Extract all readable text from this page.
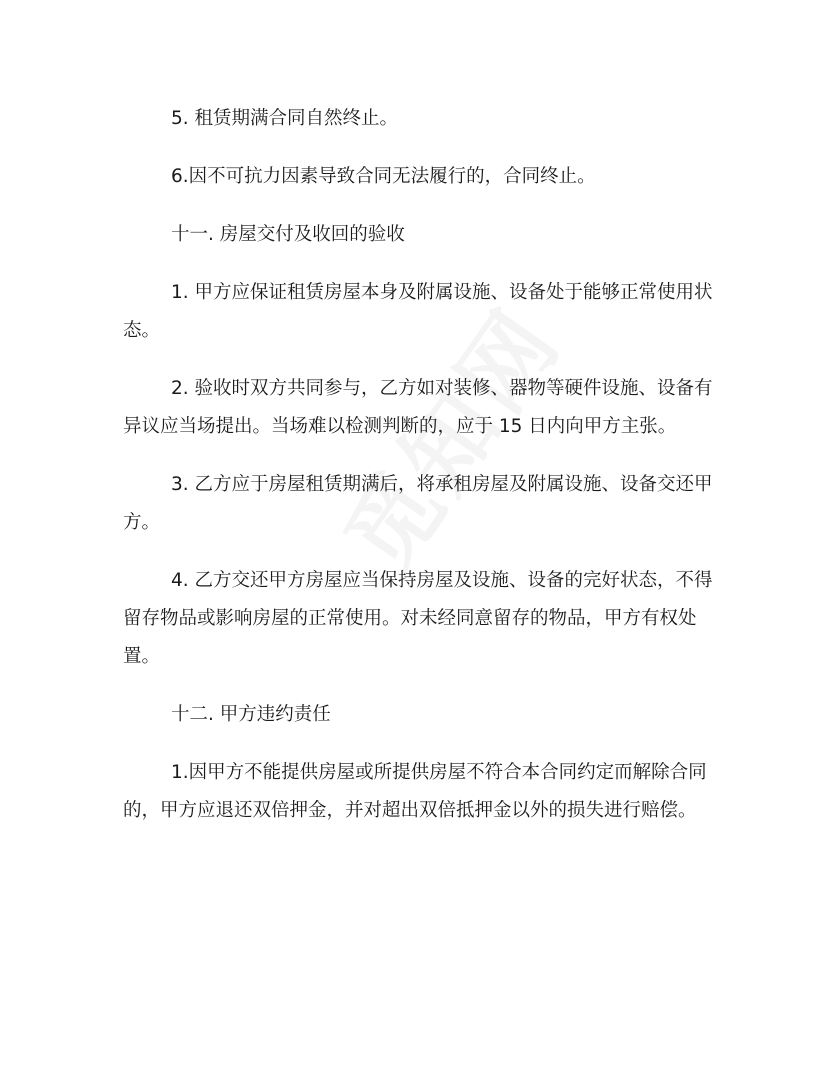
5. 租赁期满合同自然终止。

6.因不可抗力因素导致合同无法履行的，合同终止。

十一. 房屋交付及收回的验收

1. 甲方应保证租赁房屋本身及附属设施、设备处于能够正常使用状态。

2. 验收时双方共同参与，乙方如对装修、器物等硬件设施、设备有异议应当场提出。当场难以检测判断的，应于 15 日内向甲方主张。

3. 乙方应于房屋租赁期满后，将承租房屋及附属设施、设备交还甲方。

4. 乙方交还甲方房屋应当保持房屋及设施、设备的完好状态，不得留存物品或影响房屋的正常使用。对未经同意留存的物品，甲方有权处置。

十二. 甲方违约责任

1.因甲方不能提供房屋或所提供房屋不符合本合同约定而解除合同的，甲方应退还双倍押金，并对超出双倍抵押金以外的损失进行赔偿。
